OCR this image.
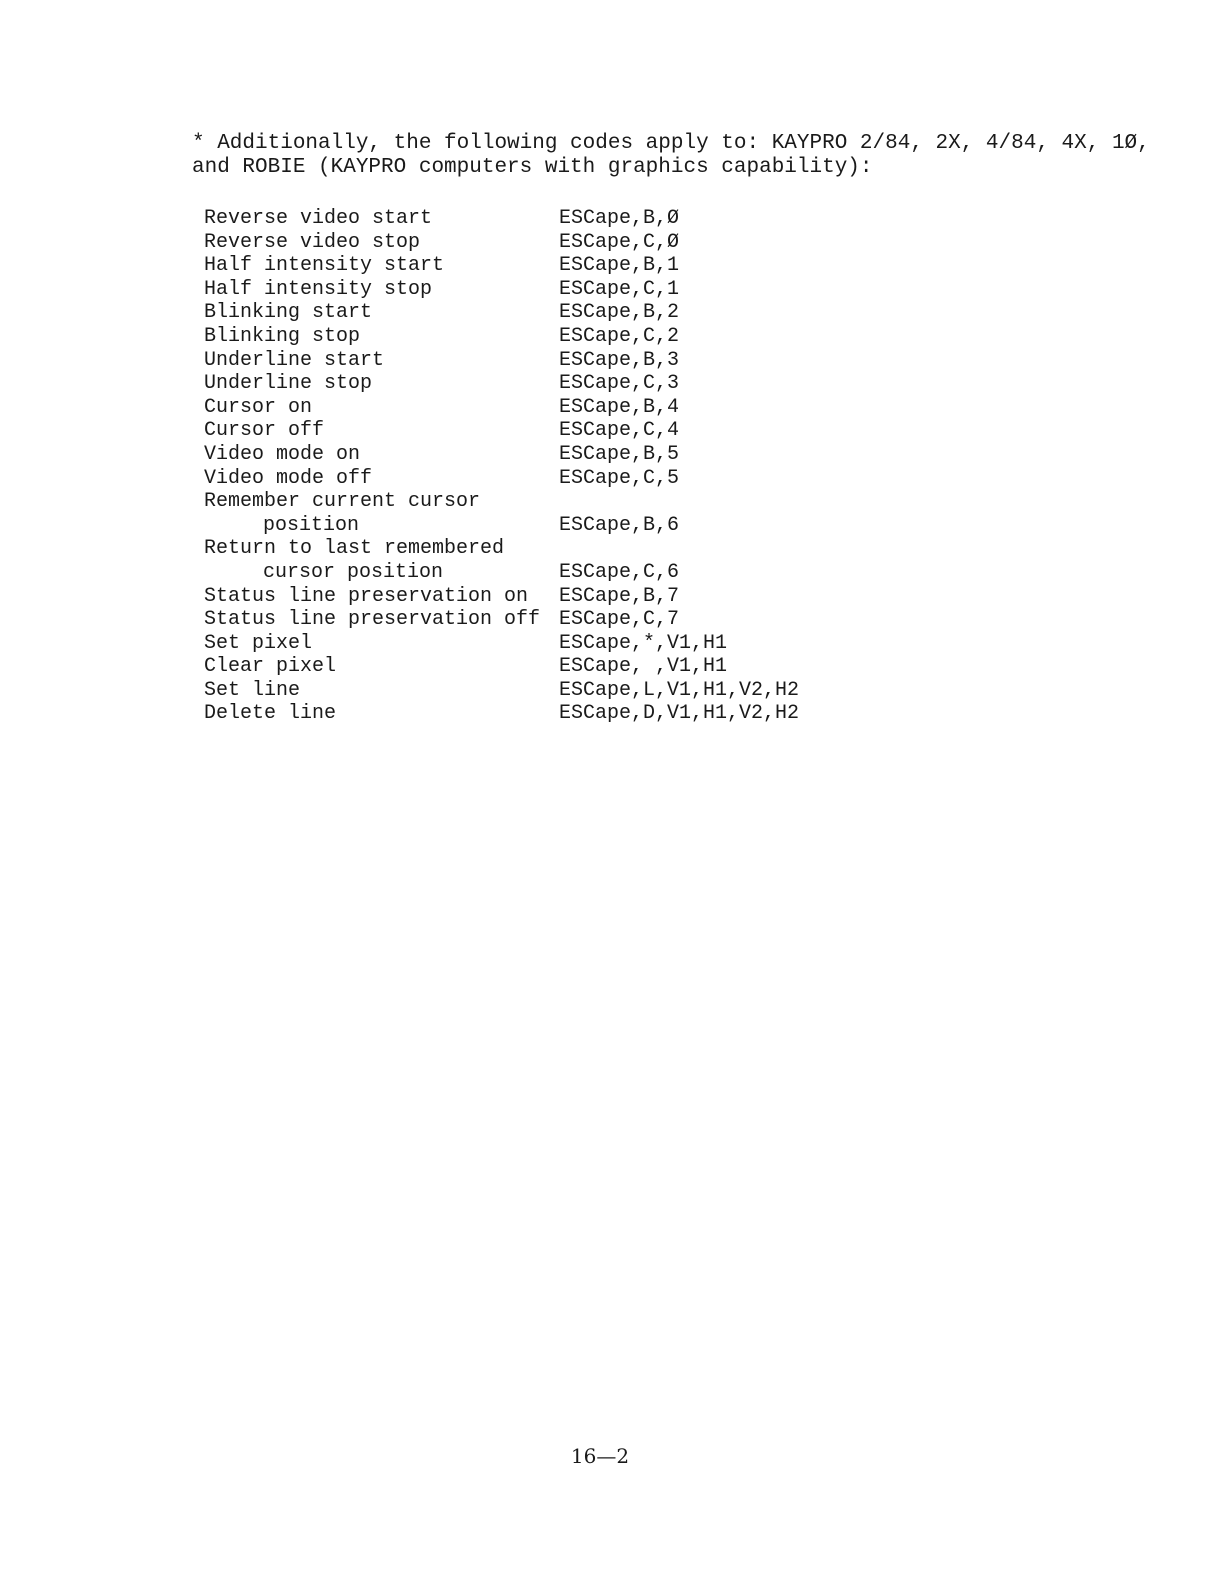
* Additionally, the following codes apply to: KAYPRO 2/84, 2X, 4/84, 4X, 1Ø,
and ROBIE (KAYPRO computers with graphics capability):
Reverse video start	ESCape,B,Ø
Reverse video stop	ESCape,C,Ø
Half intensity start	ESCape,B,1
Half intensity stop	ESCape,C,1
Blinking start	ESCape,B,2
Blinking stop	ESCape,C,2
Underline start	ESCape,B,3
Underline stop	ESCape,C,3
Cursor on	ESCape,B,4
Cursor off	ESCape,C,4
Video mode on	ESCape,B,5
Video mode off	ESCape,C,5
Remember current cursor
position	ESCape,B,6
Return to last remembered
cursor position	ESCape,C,6
Status line preservation on	ESCape,B,7
Status line preservation off ESCape,C,7
Set pixel	ESCape,*,V1,H1
Clear pixel	ESCape, ,V1,H1
Set line	ESCape,L,V1,H1,V2,H2
Delete line	ESCape,D,V1,H1,V2,H2
16—2
